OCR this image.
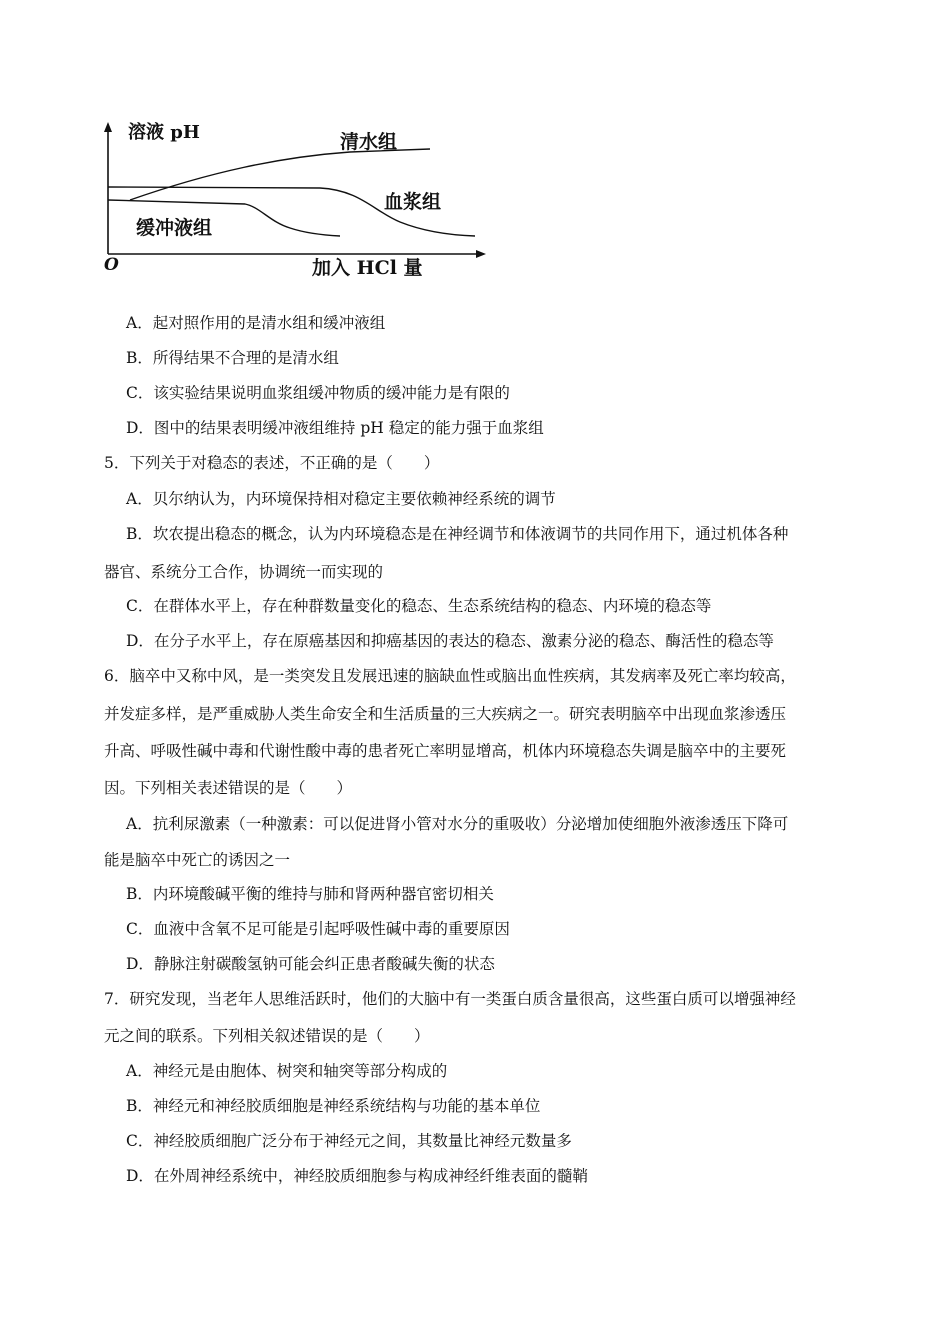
溶液 pH	清水组
血浆组
缓冲液组
O	加入 HCl 量
A．起对照作用的是清水组和缓冲液组
B．所得结果不合理的是清水组
C．该实验结果说明血浆组缓冲物质的缓冲能力是有限的
D．图中的结果表明缓冲液组维持 pH 稳定的能力强于血浆组
5．下列关于对稳态的表述，不正确的是（　　）
A．贝尔纳认为，内环境保持相对稳定主要依赖神经系统的调节
B．坎农提出稳态的概念，认为内环境稳态是在神经调节和体液调节的共同作用下，通过机体各种
器官、系统分工合作，协调统一而实现的
C．在群体水平上，存在种群数量变化的稳态、生态系统结构的稳态、内环境的稳态等
D．在分子水平上，存在原癌基因和抑癌基因的表达的稳态、激素分泌的稳态、酶活性的稳态等
6．脑卒中又称中风，是一类突发且发展迅速的脑缺血性或脑出血性疾病，其发病率及死亡率均较高，
并发症多样，是严重威胁人类生命安全和生活质量的三大疾病之一。研究表明脑卒中出现血浆渗透压
升高、呼吸性碱中毒和代谢性酸中毒的患者死亡率明显增高，机体内环境稳态失调是脑卒中的主要死
因。下列相关表述错误的是（　　）
A．抗利尿激素（一种激素：可以促进肾小管对水分的重吸收）分泌增加使细胞外液渗透压下降可
能是脑卒中死亡的诱因之一
B．内环境酸碱平衡的维持与肺和肾两种器官密切相关
C．血液中含氧不足可能是引起呼吸性碱中毒的重要原因
D．静脉注射碳酸氢钠可能会纠正患者酸碱失衡的状态
7．研究发现，当老年人思维活跃时，他们的大脑中有一类蛋白质含量很高，这些蛋白质可以增强神经
元之间的联系。下列相关叙述错误的是（　　）
A．神经元是由胞体、树突和轴突等部分构成的
B．神经元和神经胶质细胞是神经系统结构与功能的基本单位
C．神经胶质细胞广泛分布于神经元之间，其数量比神经元数量多
D．在外周神经系统中，神经胶质细胞参与构成神经纤维表面的髓鞘
